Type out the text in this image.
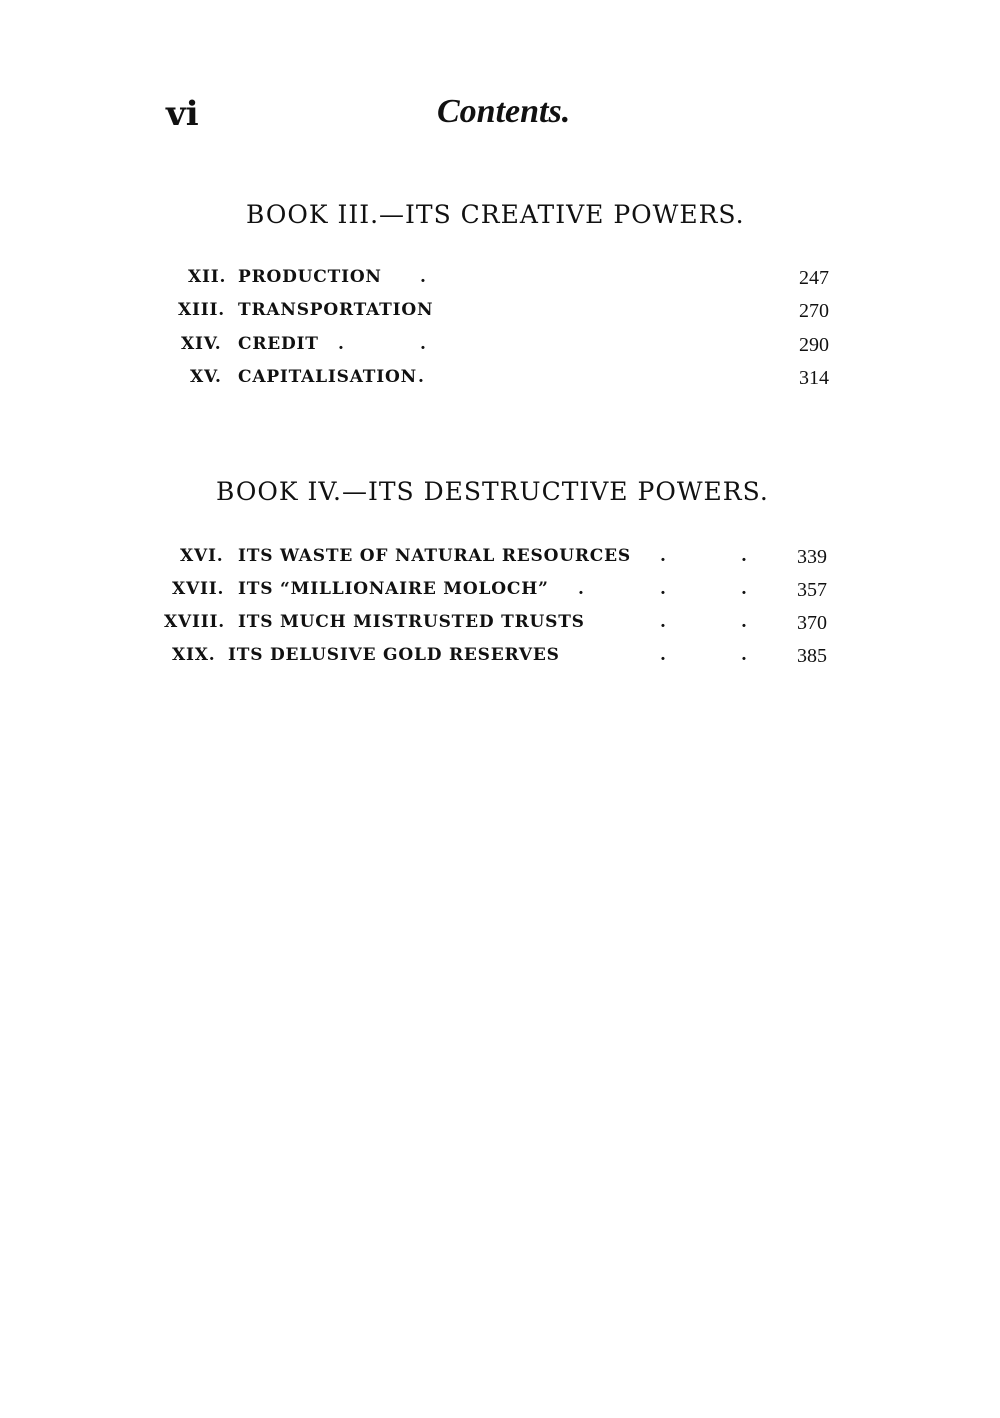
vi	Contents.
BOOK III.—ITS CREATIVE POWERS.
XII. PRODUCTION .	247
XIII. TRANSPORTATION	270
XIV. CREDIT .	.	290
XV. CAPITALISATION .	314
BOOK IV.—ITS DESTRUCTIVE POWERS.
XVI. ITS WASTE OF NATURAL RESOURCES .	. 339
XVII. ITS “MILLIONAIRE MOLOCH” .	.	. 357
XVIII. ITS MUCH MISTRUSTED TRUSTS	.	. 370
XIX. ITS DELUSIVE GOLD RESERVES	.	. 385
